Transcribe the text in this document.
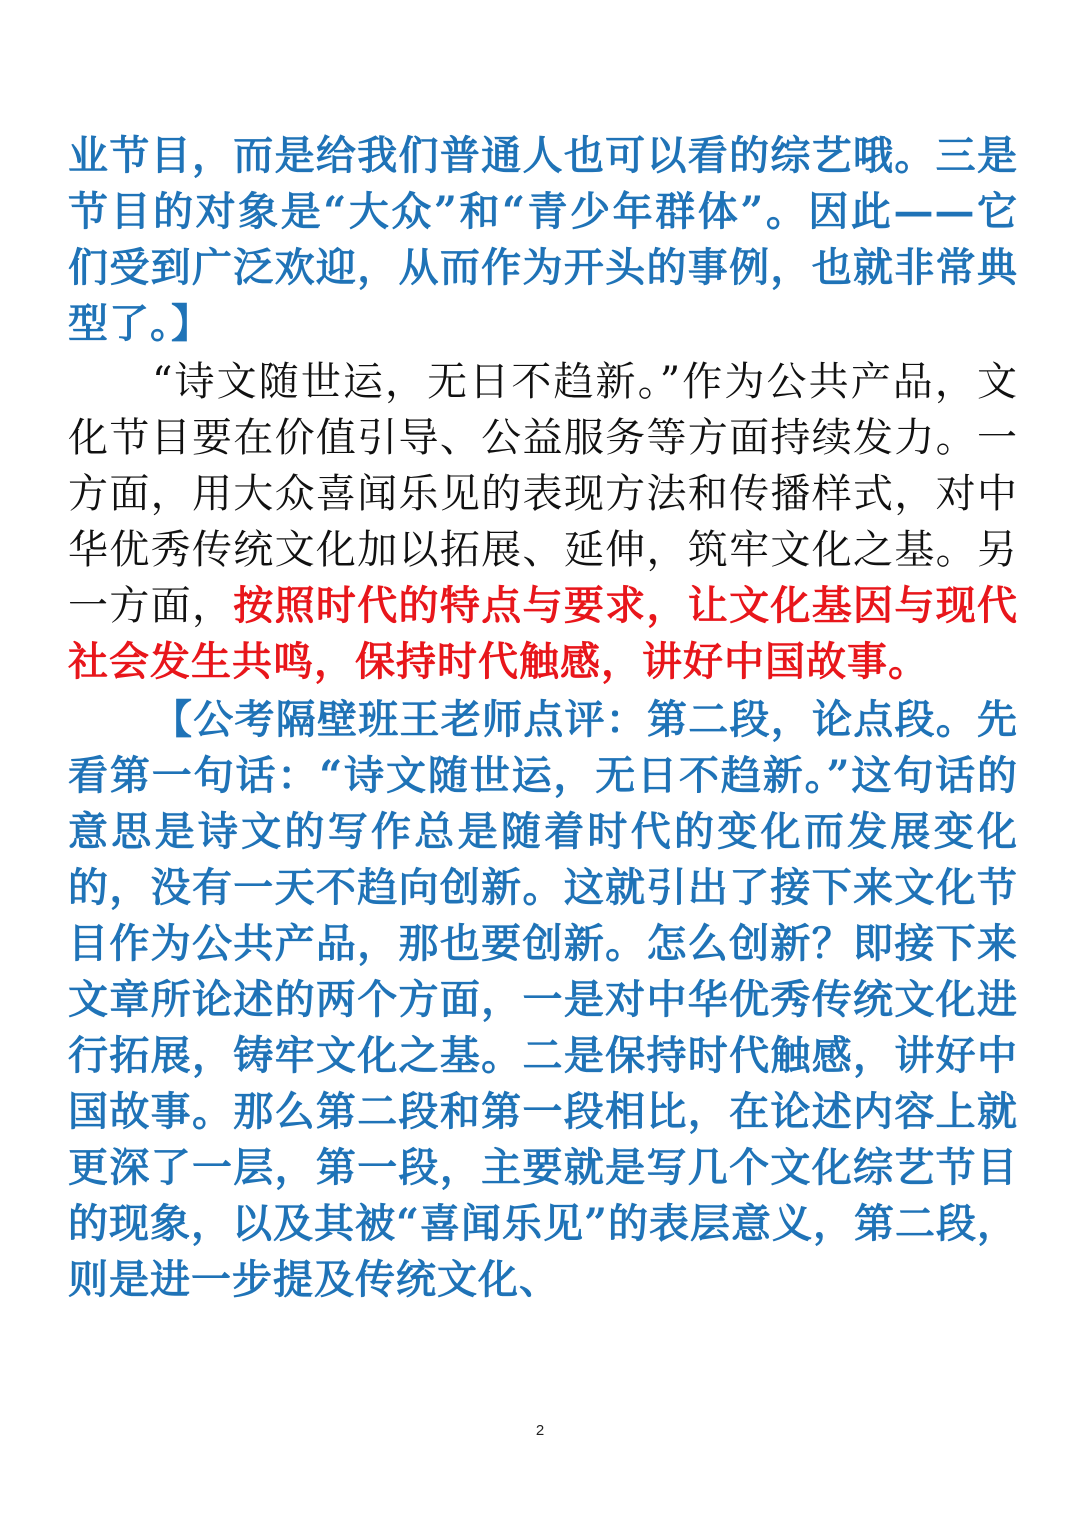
业节目，而是给我们普通人也可以看的综艺哦。三是节目的对象是“大众”和“青少年群体”。因此——它们受到广泛欢迎，从而作为开头的事例，也就非常典型了。】

“诗文随世运，无日不趋新。”作为公共产品，文化节目要在价值引导、公益服务等方面持续发力。一方面，用大众喜闻乐见的表现方法和传播样式，对中华优秀传统文化加以拓展、延伸，筑牢文化之基。另一方面，按照时代的特点与要求，让文化基因与现代社会发生共鸣，保持时代触感，讲好中国故事。

【公考隔壁班王老师点评：第二段，论点段。先看第一句话：“诗文随世运，无日不趋新。”这句话的意思是诗文的写作总是随着时代的变化而发展变化的，没有一天不趋向创新。这就引出了接下来文化节目作为公共产品，那也要创新。怎么创新？即接下来文章所论述的两个方面，一是对中华优秀传统文化进行拓展，铸牢文化之基。二是保持时代触感，讲好中国故事。那么第二段和第一段相比，在论述内容上就更深了一层，第一段，主要就是写几个文化综艺节目的现象，以及其被“喜闻乐见”的表层意义，第二段，则是进一步提及传统文化、

2
